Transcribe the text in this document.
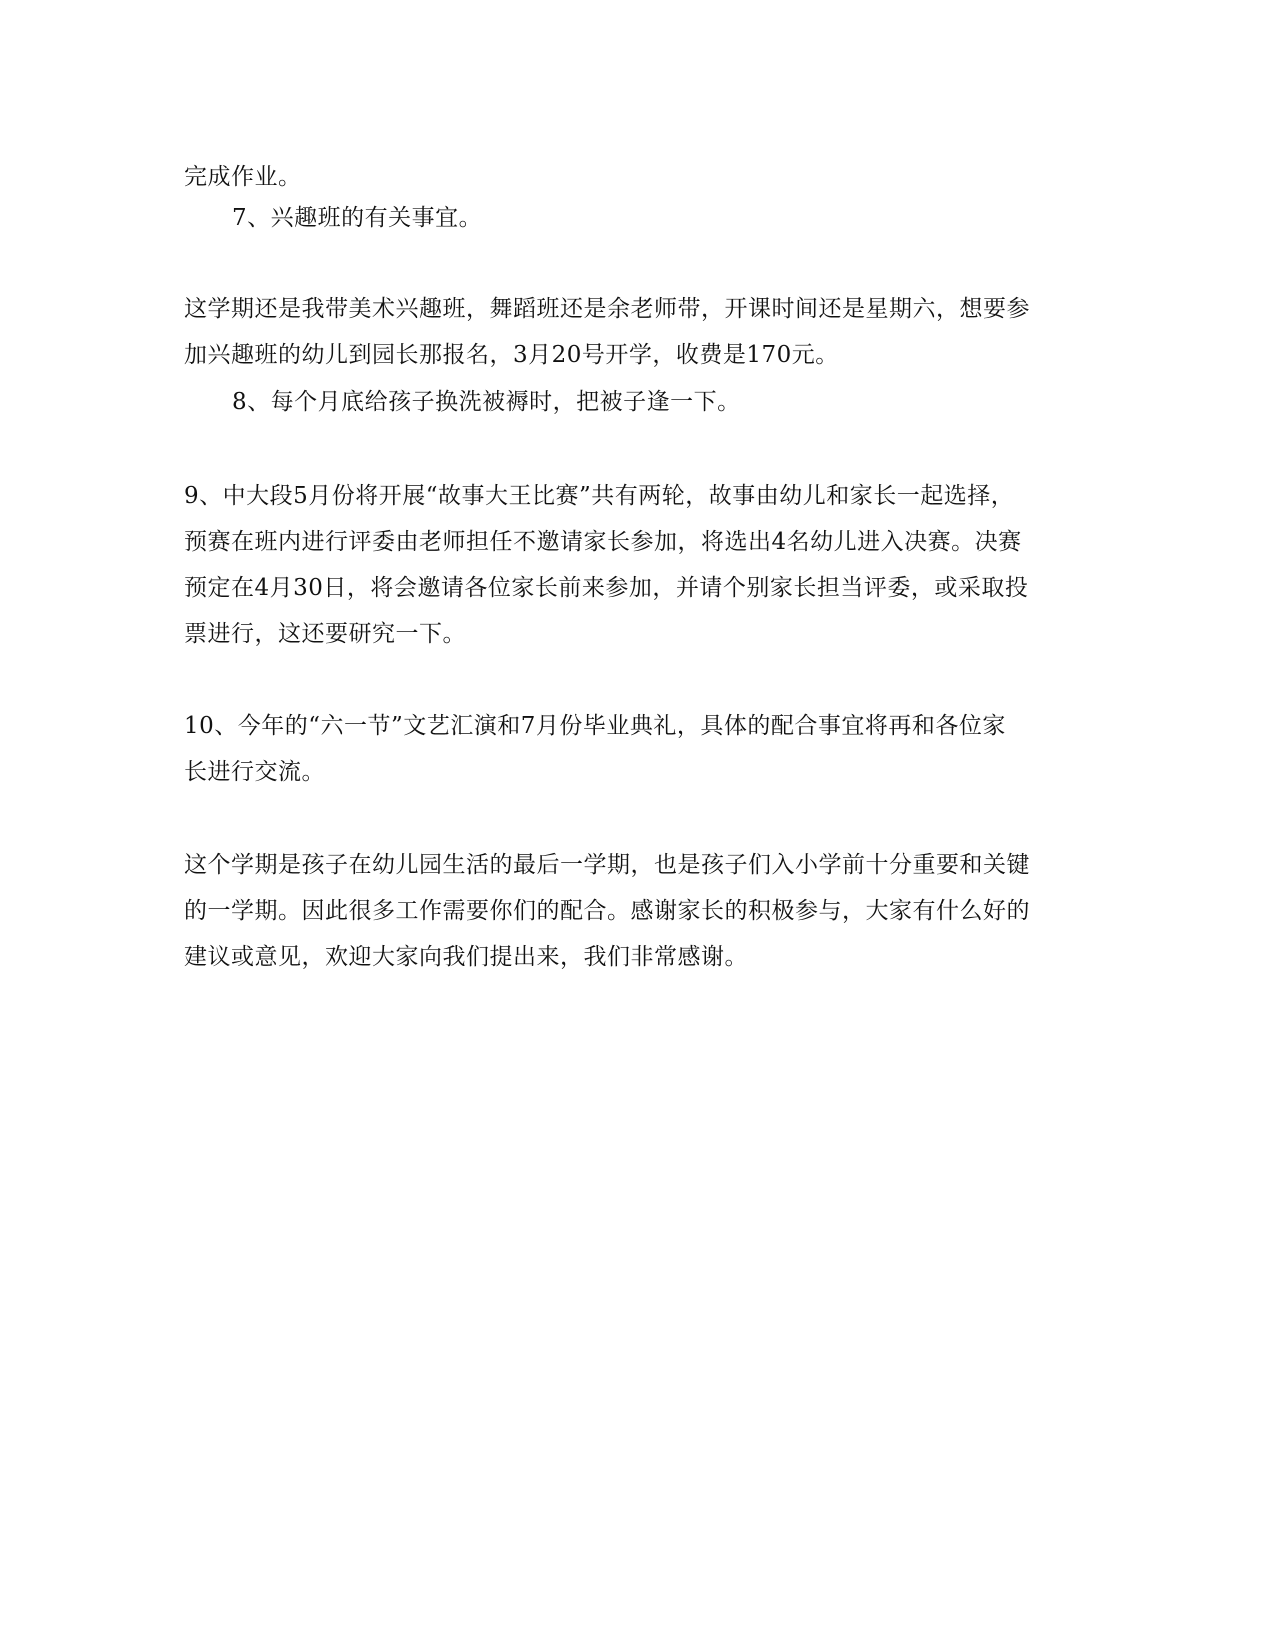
完成作业。
7、兴趣班的有关事宜。
这学期还是我带美术兴趣班，舞蹈班还是余老师带，开课时间还是星期六，想要参
加兴趣班的幼儿到园长那报名，3月20号开学，收费是170元。
8、每个月底给孩子换洗被褥时，把被子逢一下。
9、中大段5月份将开展“故事大王比赛”共有两轮，故事由幼儿和家长一起选择，
预赛在班内进行评委由老师担任不邀请家长参加，将选出4名幼儿进入决赛。决赛
预定在4月30日，将会邀请各位家长前来参加，并请个别家长担当评委，或采取投
票进行，这还要研究一下。
10、今年的“六一节”文艺汇演和7月份毕业典礼，具体的配合事宜将再和各位家
长进行交流。
这个学期是孩子在幼儿园生活的最后一学期，也是孩子们入小学前十分重要和关键
的一学期。因此很多工作需要你们的配合。感谢家长的积极参与，大家有什么好的
建议或意见，欢迎大家向我们提出来，我们非常感谢。
